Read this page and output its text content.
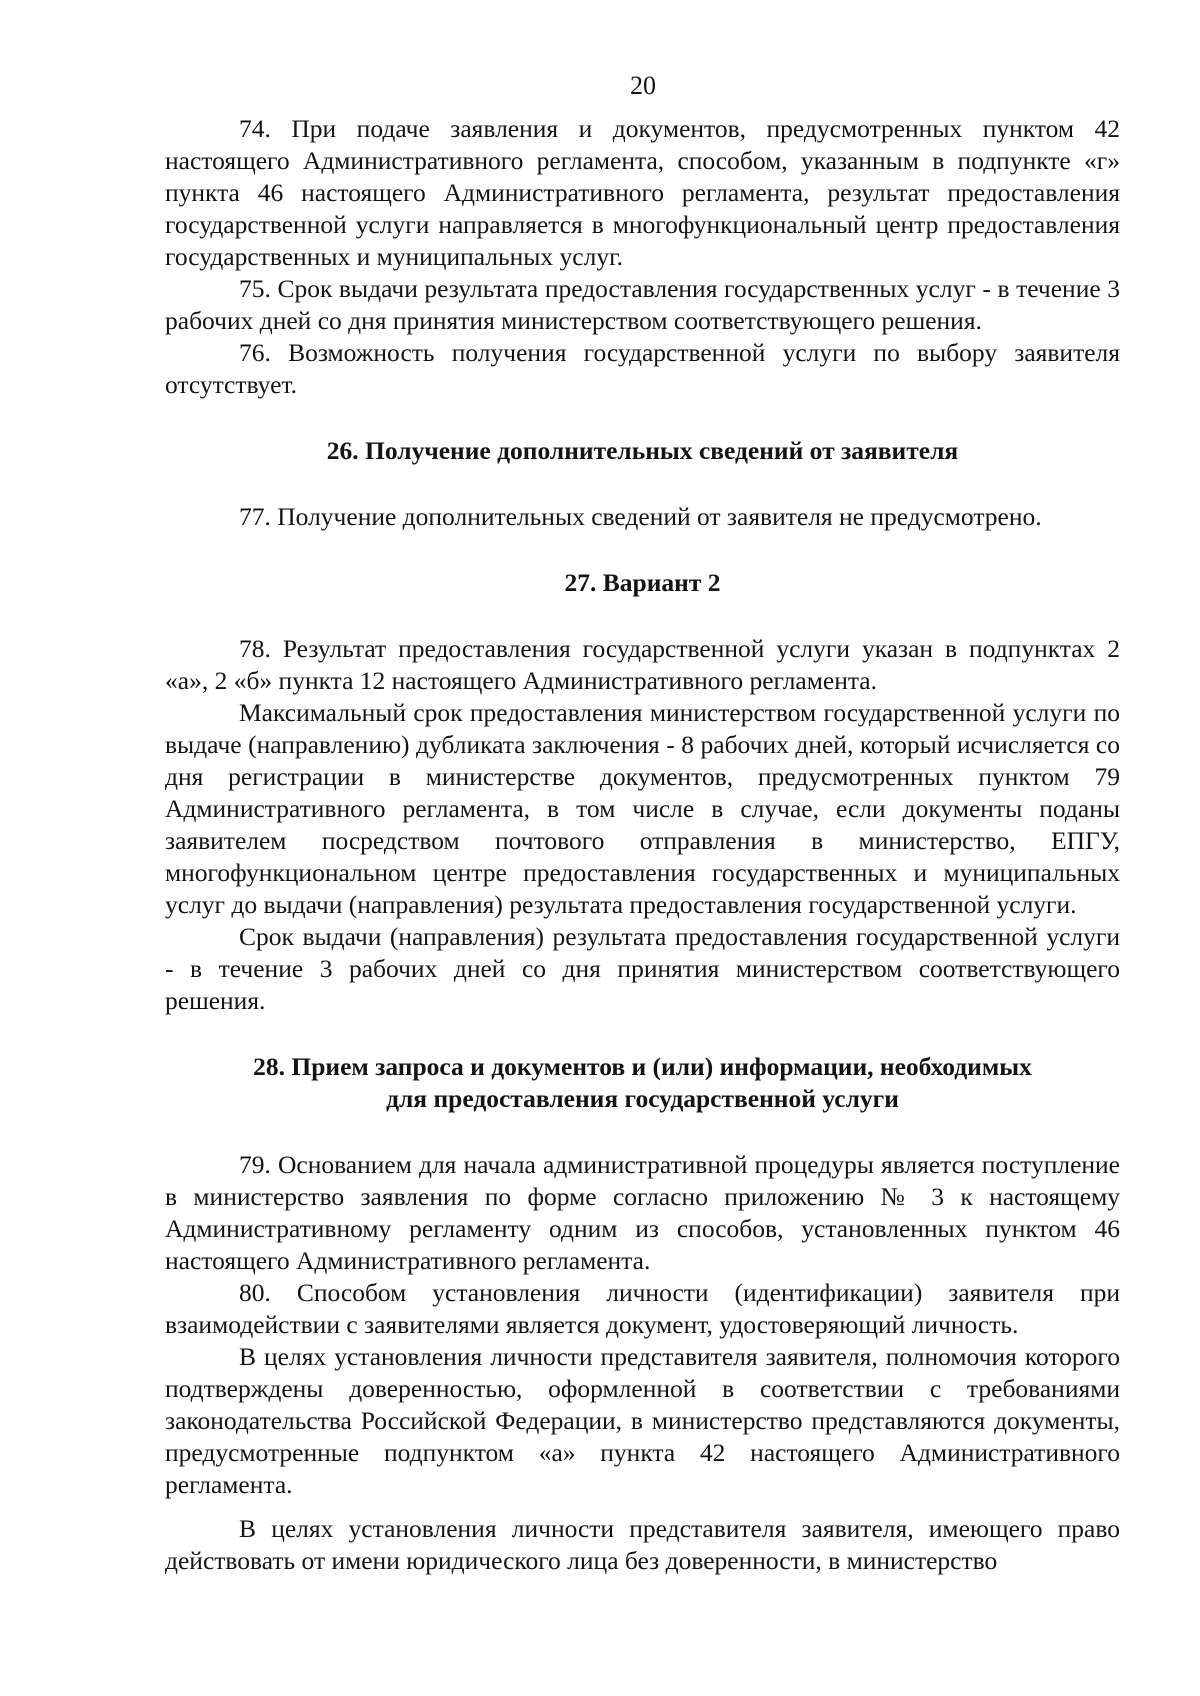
20

74. При подаче заявления и документов, предусмотренных пунктом 42 настоящего Административного регламента, способом, указанным в подпункте «г» пункта 46 настоящего Административного регламента, результат предоставления государственной услуги направляется в многофункциональный центр предоставления государственных и муниципальных услуг.

75. Срок выдачи результата предоставления государственных услуг - в течение 3 рабочих дней со дня принятия министерством соответствующего решения.

76. Возможность получения государственной услуги по выбору заявителя отсутствует.

26. Получение дополнительных сведений от заявителя

77. Получение дополнительных сведений от заявителя не предусмотрено.

27. Вариант 2

78. Результат предоставления государственной услуги указан в подпунктах 2 «а», 2 «б» пункта 12 настоящего Административного регламента.

Максимальный срок предоставления министерством государственной услуги по выдаче (направлению) дубликата заключения - 8 рабочих дней, который исчисляется со дня регистрации в министерстве документов, предусмотренных пунктом 79 Административного регламента, в том числе в случае, если документы поданы заявителем посредством почтового отправления в министерство, ЕПГУ, многофункциональном центре предоставления государственных и муниципальных услуг до выдачи (направления) результата предоставления государственной услуги.

Срок выдачи (направления) результата предоставления государственной услуги - в течение 3 рабочих дней со дня принятия министерством соответствующего решения.

28. Прием запроса и документов и (или) информации, необходимых

для предоставления государственной услуги

79. Основанием для начала административной процедуры является поступление в министерство заявления по форме согласно приложению № 3 к настоящему Административному регламенту одним из способов, установленных пунктом 46 настоящего Административного регламента.

80. Способом установления личности (идентификации) заявителя при взаимодействии с заявителями является документ, удостоверяющий личность.

В целях установления личности представителя заявителя, полномочия которого подтверждены доверенностью, оформленной в соответствии с требованиями законодательства Российской Федерации, в министерство представляются документы, предусмотренные подпунктом «а» пункта 42 настоящего Административного регламента.

В целях установления личности представителя заявителя, имеющего право действовать от имени юридического лица без доверенности, в министерство
